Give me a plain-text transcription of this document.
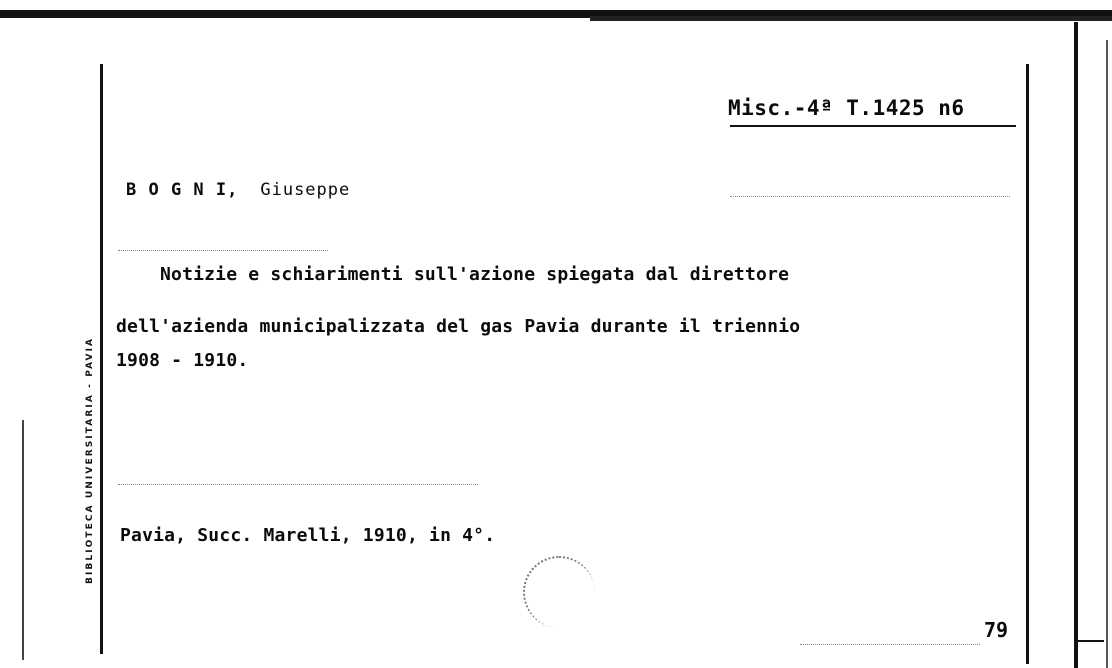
BIBLIOTECA UNIVERSITARIA - PAVIA
Misc.-4ª T.1425 n6
B O G N I, Giuseppe
Notizie e schiarimenti sull'azione spiegata dal direttore
dell'azienda municipalizzata del gas Pavia durante il triennio
1908 - 1910.
Pavia, Succ. Marelli, 1910, in 4°.
79
